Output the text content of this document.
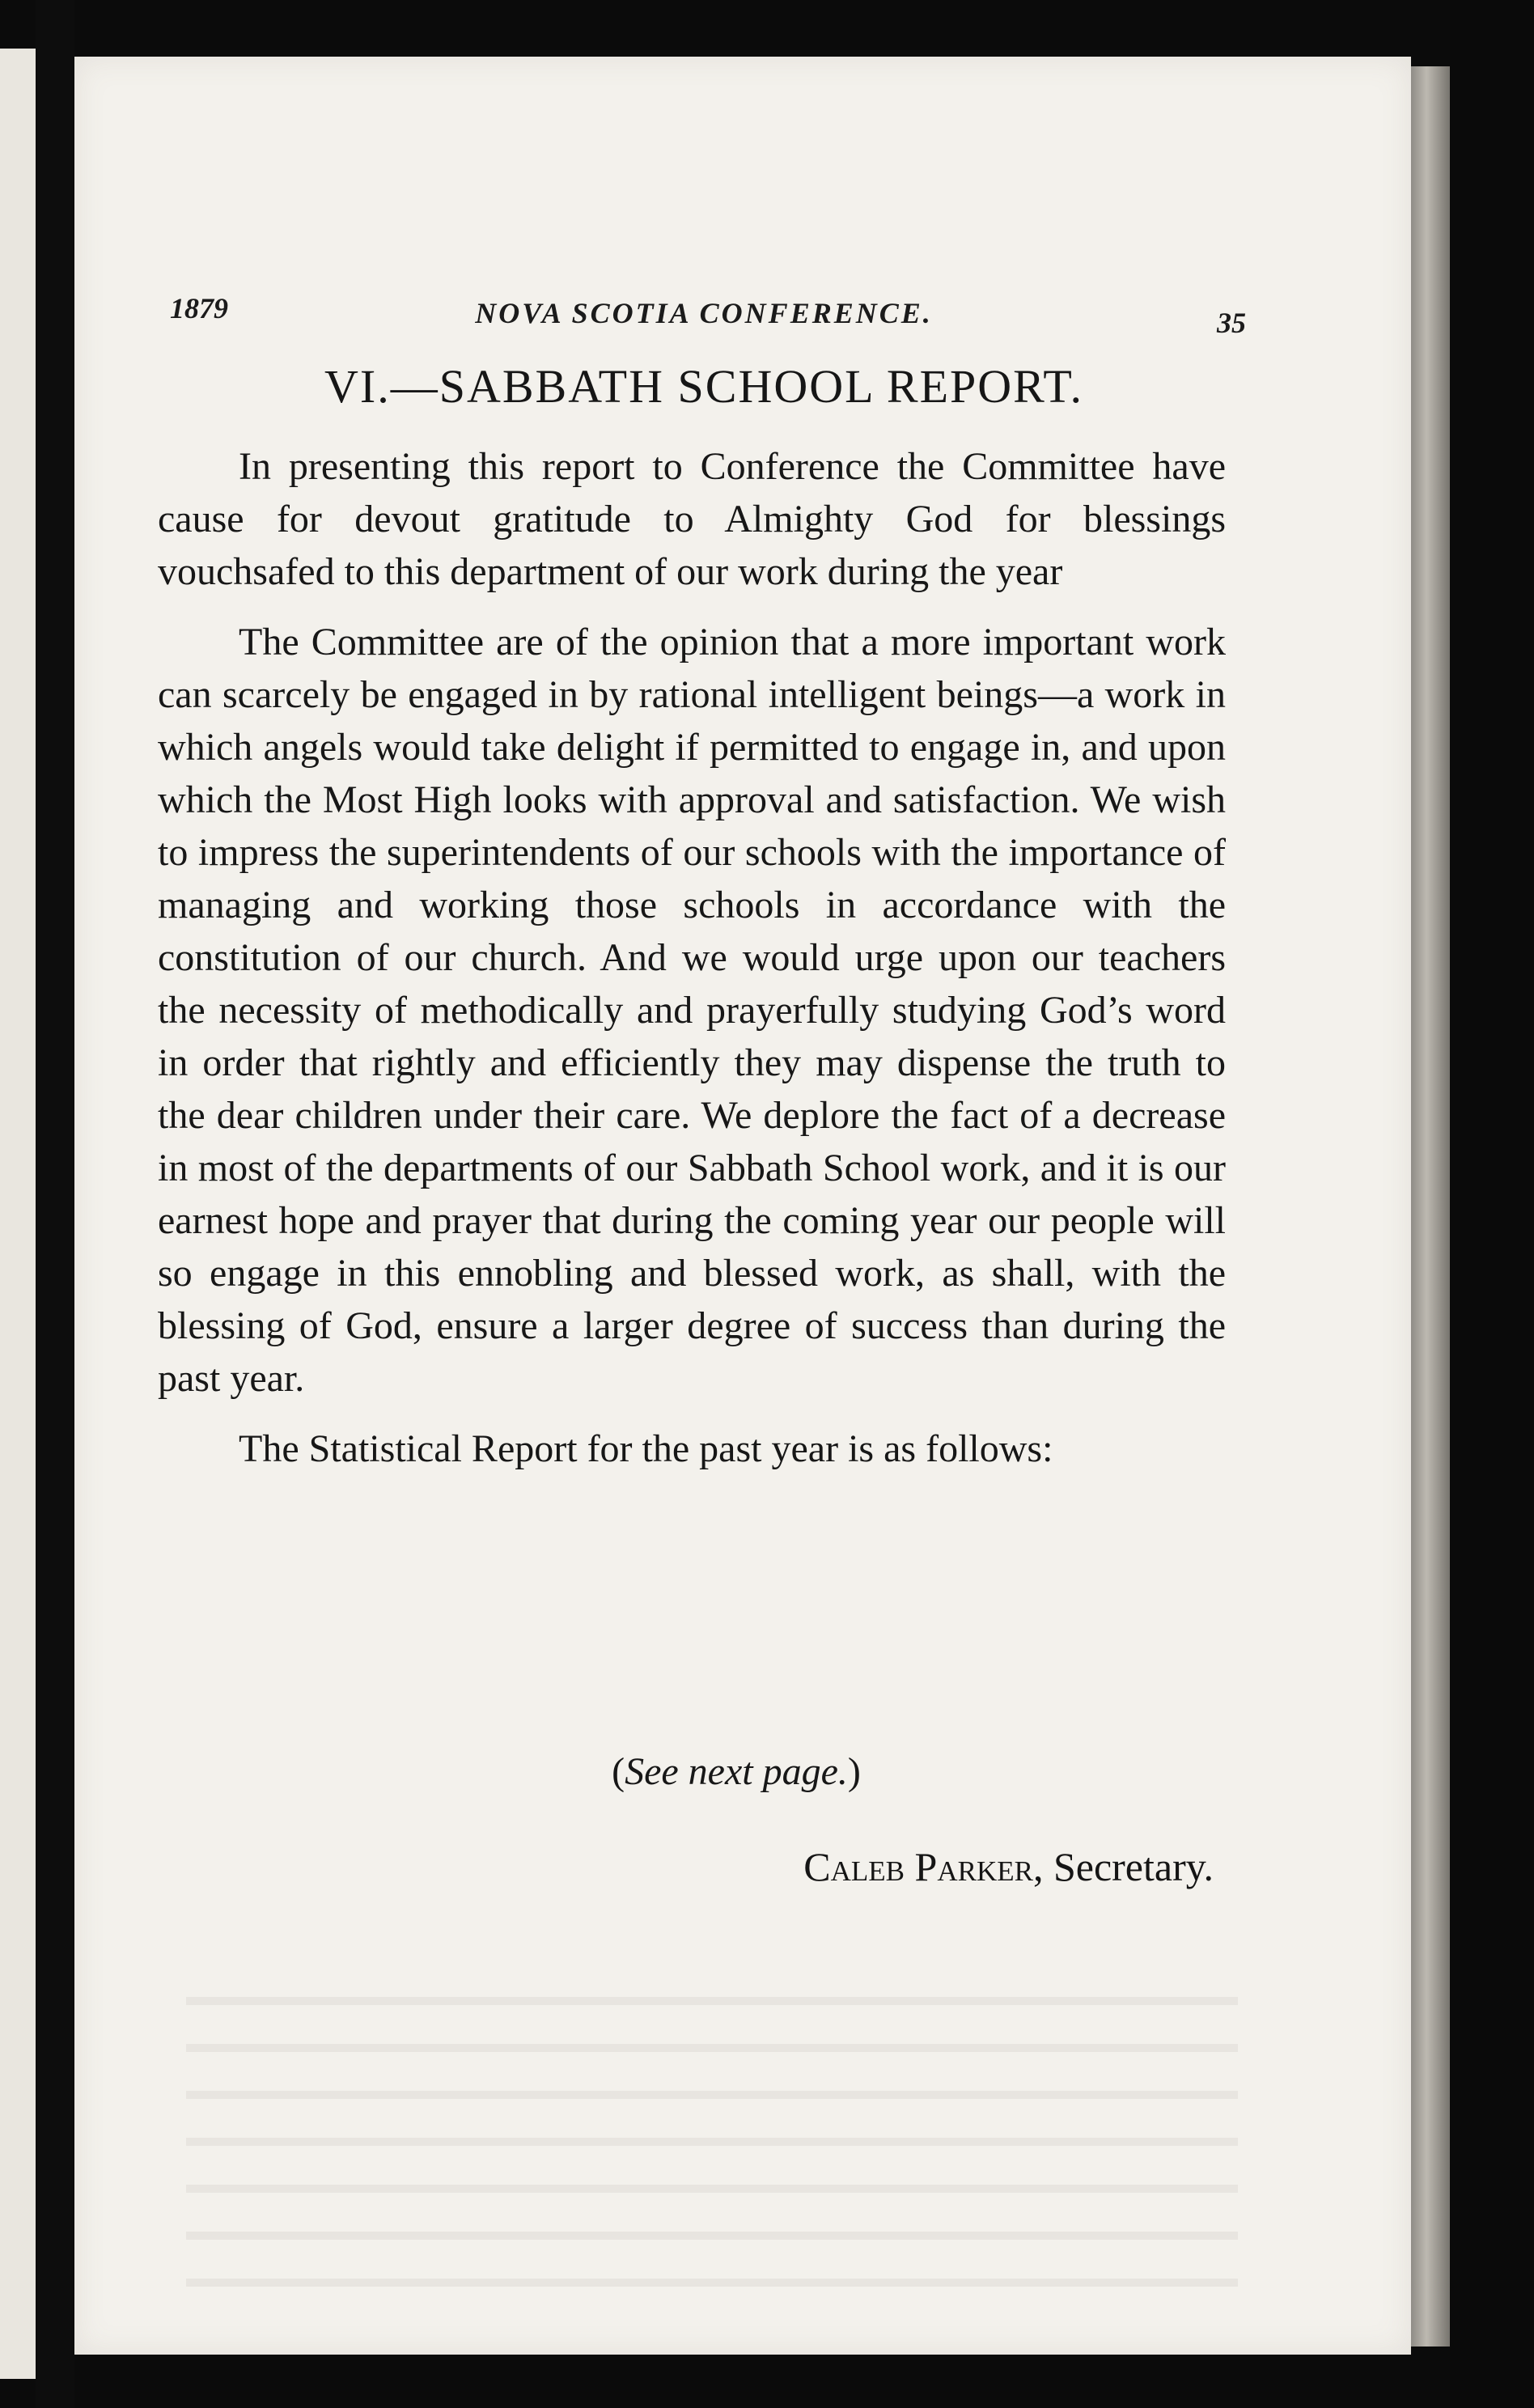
1879	NOVA SCOTIA CONFERENCE.	35
VI.—SABBATH SCHOOL REPORT.

In presenting this report to Conference the Committee have cause for devout gratitude to Almighty God for blessings vouchsafed to this department of our work during the year

The Committee are of the opinion that a more important work can scarcely be engaged in by rational intelligent beings—a work in which angels would take delight if permitted to engage in, and upon which the Most High looks with approval and satisfaction. We wish to impress the superintendents of our schools with the importance of managing and working those schools in accordance with the constitution of our church. And we would urge upon our teachers the necessity of methodically and prayerfully studying God’s word in order that rightly and efficiently they may dispense the truth to the dear children under their care. We deplore the fact of a decrease in most of the departments of our Sabbath School work, and it is our earnest hope and prayer that during the coming year our people will so engage in this ennobling and blessed work, as shall, with the blessing of God, ensure a larger degree of success than during the past year.

The Statistical Report for the past year is as follows:

(See next page.)
Caleb Parker, Secretary.
